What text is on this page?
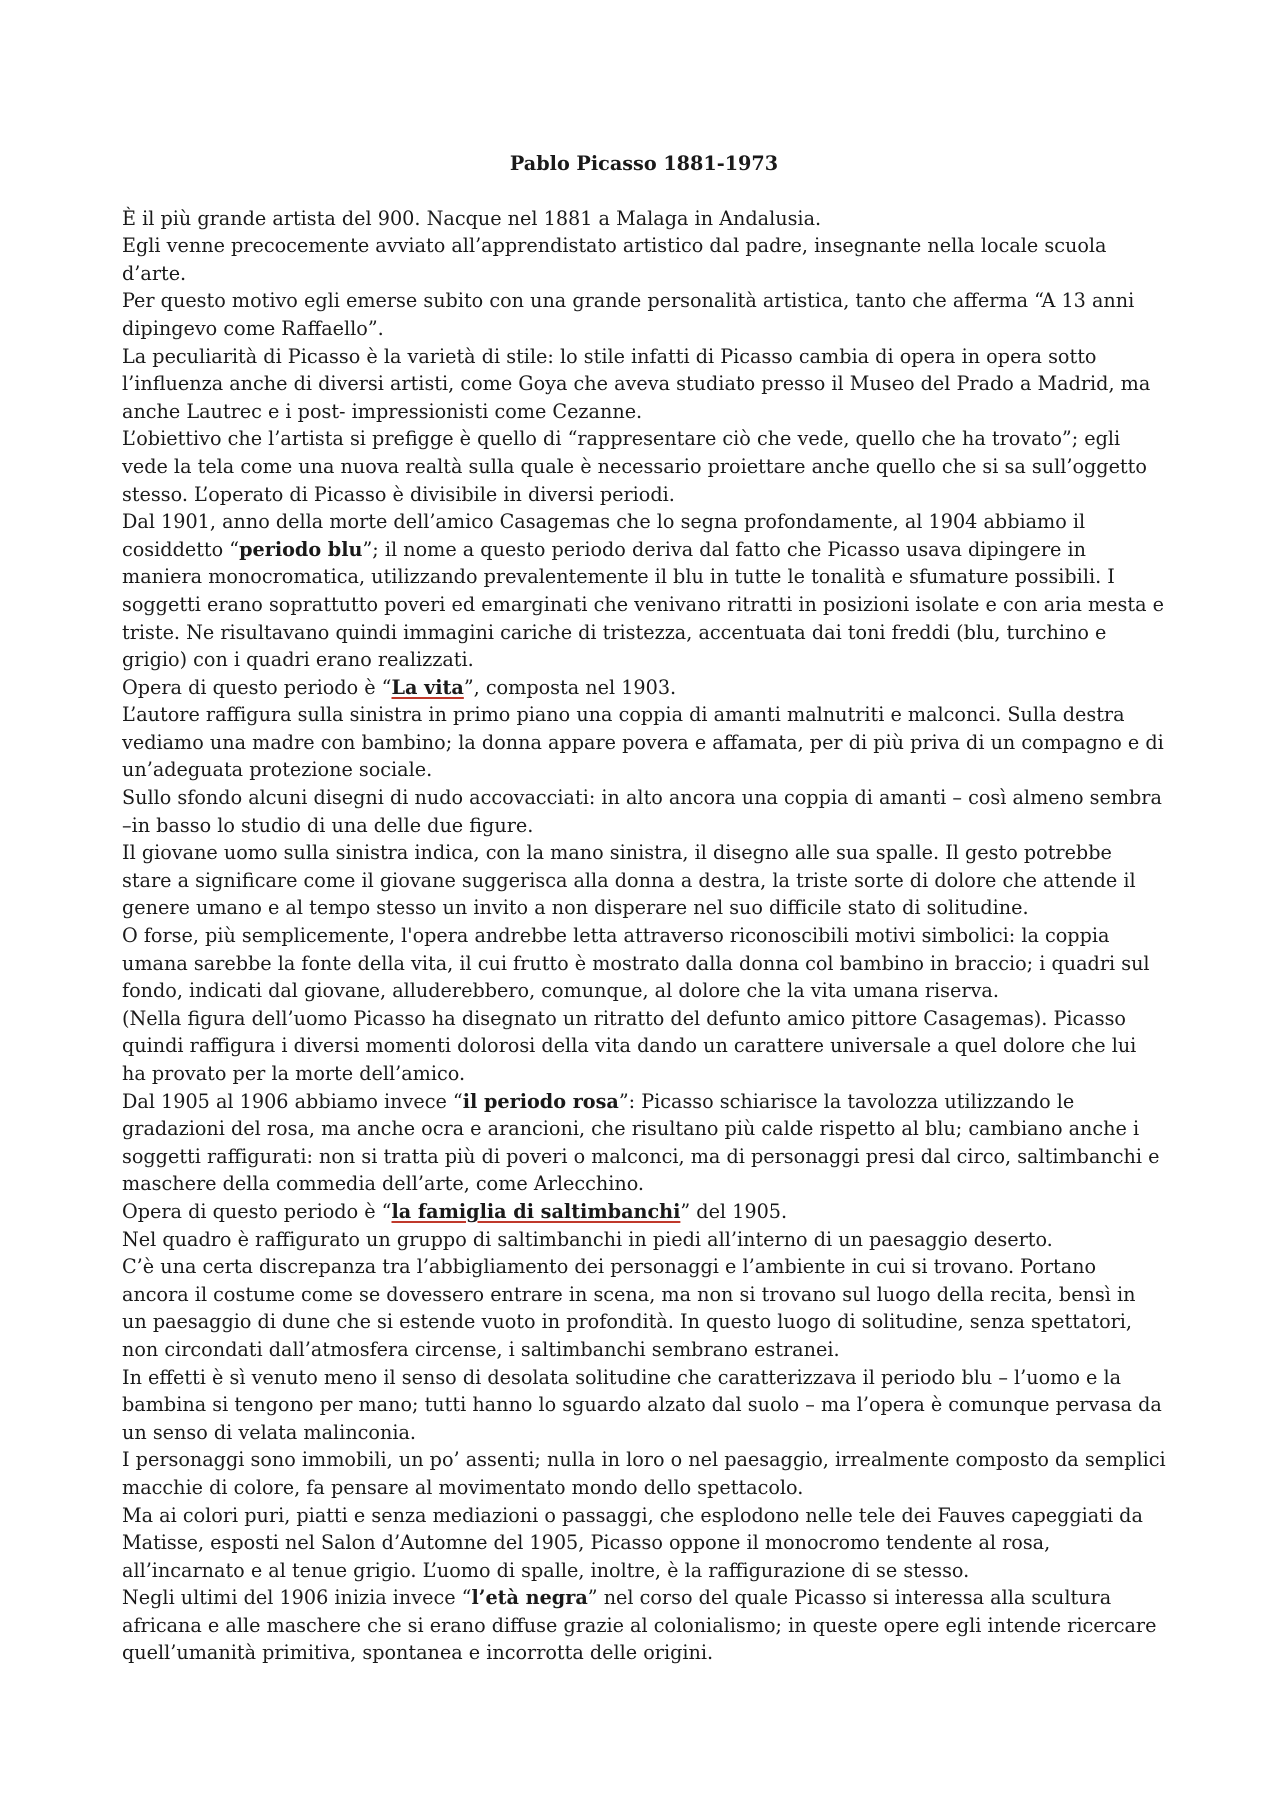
Pablo Picasso 1881-1973

È il più grande artista del 900. Nacque nel 1881 a Malaga in Andalusia.

Egli venne precocemente avviato all’apprendistato artistico dal padre, insegnante nella locale scuola d’arte.

Per questo motivo egli emerse subito con una grande personalità artistica, tanto che afferma “A 13 anni dipingevo come Raffaello”.

La peculiarità di Picasso è la varietà di stile: lo stile infatti di Picasso cambia di opera in opera sotto l’influenza anche di diversi artisti, come Goya che aveva studiato presso il Museo del Prado a Madrid, ma anche Lautrec e i post- impressionisti come Cezanne.

L’obiettivo che l’artista si prefigge è quello di “rappresentare ciò che vede, quello che ha trovato”; egli vede la tela come una nuova realtà sulla quale è necessario proiettare anche quello che si sa sull’oggetto stesso. L’operato di Picasso è divisibile in diversi periodi.

Dal 1901, anno della morte dell’amico Casagemas che lo segna profondamente, al 1904 abbiamo il cosiddetto “periodo blu”; il nome a questo periodo deriva dal fatto che Picasso usava dipingere in maniera monocromatica, utilizzando prevalentemente il blu in tutte le tonalità e sfumature possibili. I soggetti erano soprattutto poveri ed emarginati che venivano ritratti in posizioni isolate e con aria mesta e triste. Ne risultavano quindi immagini cariche di tristezza, accentuata dai toni freddi (blu, turchino e grigio) con i quadri erano realizzati.

Opera di questo periodo è “La vita”, composta nel 1903.

L’autore raffigura sulla sinistra in primo piano una coppia di amanti malnutriti e malconci. Sulla destra vediamo una madre con bambino; la donna appare povera e affamata, per di più priva di un compagno e di un’adeguata protezione sociale.

Sullo sfondo alcuni disegni di nudo accovacciati: in alto ancora una coppia di amanti – così almeno sembra –in basso lo studio di una delle due figure.

Il giovane uomo sulla sinistra indica, con la mano sinistra, il disegno alle sua spalle. Il gesto potrebbe stare a significare come il giovane suggerisca alla donna a destra, la triste sorte di dolore che attende il genere umano e al tempo stesso un invito a non disperare nel suo difficile stato di solitudine.

O forse, più semplicemente, l'opera andrebbe letta attraverso riconoscibili motivi simbolici: la coppia umana sarebbe la fonte della vita, il cui frutto è mostrato dalla donna col bambino in braccio; i quadri sul fondo, indicati dal giovane, alluderebbero, comunque, al dolore che la vita umana riserva.

(Nella figura dell’uomo Picasso ha disegnato un ritratto del defunto amico pittore Casagemas). Picasso quindi raffigura i diversi momenti dolorosi della vita dando un carattere universale a quel dolore che lui ha provato per la morte dell’amico.

Dal 1905 al 1906 abbiamo invece “il periodo rosa”: Picasso schiarisce la tavolozza utilizzando le gradazioni del rosa, ma anche ocra e arancioni, che risultano più calde rispetto al blu; cambiano anche i soggetti raffigurati: non si tratta più di poveri o malconci, ma di personaggi presi dal circo, saltimbanchi e maschere della commedia dell’arte, come Arlecchino.

Opera di questo periodo è “la famiglia di saltimbanchi” del 1905.

Nel quadro è raffigurato un gruppo di saltimbanchi in piedi all’interno di un paesaggio deserto.

C’è una certa discrepanza tra l’abbigliamento dei personaggi e l’ambiente in cui si trovano. Portano ancora il costume come se dovessero entrare in scena, ma non si trovano sul luogo della recita, bensì in un paesaggio di dune che si estende vuoto in profondità. In questo luogo di solitudine, senza spettatori, non circondati dall’atmosfera circense, i saltimbanchi sembrano estranei.

In effetti è sì venuto meno il senso di desolata solitudine che caratterizzava il periodo blu – l’uomo e la bambina si tengono per mano; tutti hanno lo sguardo alzato dal suolo – ma l’opera è comunque pervasa da un senso di velata malinconia.

I personaggi sono immobili, un po’ assenti; nulla in loro o nel paesaggio, irrealmente composto da semplici macchie di colore, fa pensare al movimentato mondo dello spettacolo.

Ma ai colori puri, piatti e senza mediazioni o passaggi, che esplodono nelle tele dei Fauves capeggiati da Matisse, esposti nel Salon d’Automne del 1905, Picasso oppone il monocromo tendente al rosa, all’incarnato e al tenue grigio. L’uomo di spalle, inoltre, è la raffigurazione di se stesso.

Negli ultimi del 1906 inizia invece “l’età negra” nel corso del quale Picasso si interessa alla scultura africana e alle maschere che si erano diffuse grazie al colonialismo; in queste opere egli intende ricercare quell’umanità primitiva, spontanea e incorrotta delle origini.
